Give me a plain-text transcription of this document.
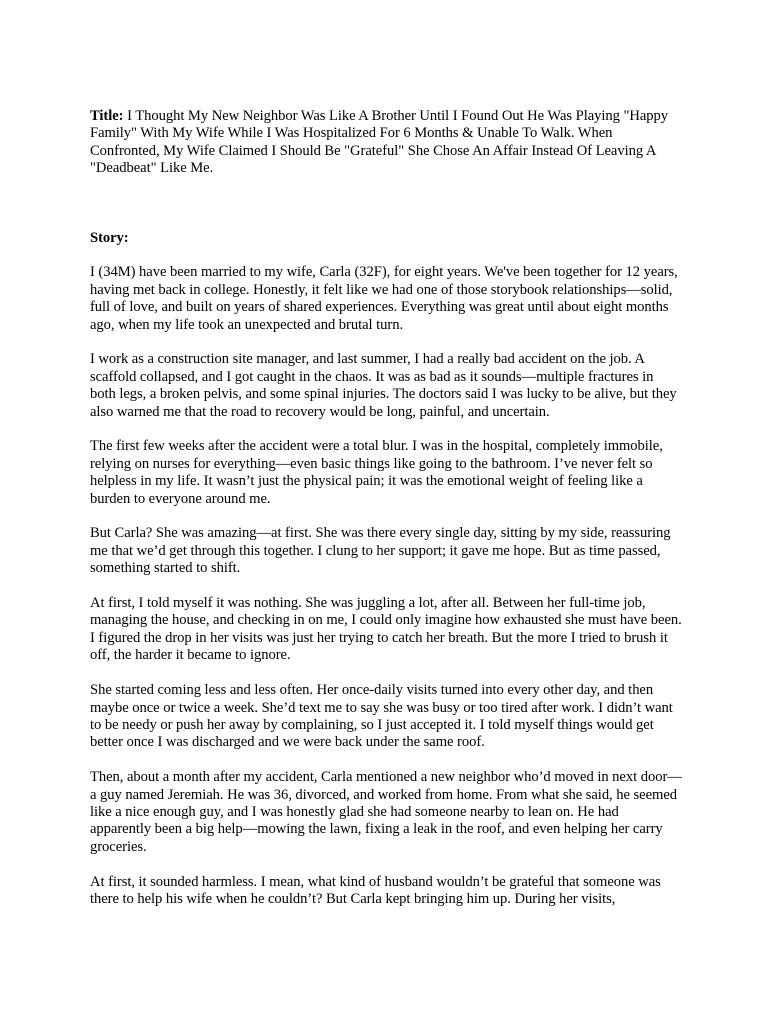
Title: I Thought My New Neighbor Was Like A Brother Until I Found Out He Was Playing "Happy Family" With My Wife While I Was Hospitalized For 6 Months & Unable To Walk. When Confronted, My Wife Claimed I Should Be "Grateful" She Chose An Affair Instead Of Leaving A "Deadbeat" Like Me.

Story:

I (34M) have been married to my wife, Carla (32F), for eight years. We've been together for 12 years, having met back in college. Honestly, it felt like we had one of those storybook relationships—solid, full of love, and built on years of shared experiences. Everything was great until about eight months ago, when my life took an unexpected and brutal turn.

I work as a construction site manager, and last summer, I had a really bad accident on the job. A scaffold collapsed, and I got caught in the chaos. It was as bad as it sounds—multiple fractures in both legs, a broken pelvis, and some spinal injuries. The doctors said I was lucky to be alive, but they also warned me that the road to recovery would be long, painful, and uncertain.

The first few weeks after the accident were a total blur. I was in the hospital, completely immobile, relying on nurses for everything—even basic things like going to the bathroom. I’ve never felt so helpless in my life. It wasn’t just the physical pain; it was the emotional weight of feeling like a burden to everyone around me.

But Carla? She was amazing—at first. She was there every single day, sitting by my side, reassuring me that we’d get through this together. I clung to her support; it gave me hope. But as time passed, something started to shift.

At first, I told myself it was nothing. She was juggling a lot, after all. Between her full-time job, managing the house, and checking in on me, I could only imagine how exhausted she must have been. I figured the drop in her visits was just her trying to catch her breath. But the more I tried to brush it off, the harder it became to ignore.

She started coming less and less often. Her once-daily visits turned into every other day, and then maybe once or twice a week. She’d text me to say she was busy or too tired after work. I didn’t want to be needy or push her away by complaining, so I just accepted it. I told myself things would get better once I was discharged and we were back under the same roof.

Then, about a month after my accident, Carla mentioned a new neighbor who’d moved in next door—a guy named Jeremiah. He was 36, divorced, and worked from home. From what she said, he seemed like a nice enough guy, and I was honestly glad she had someone nearby to lean on. He had apparently been a big help—mowing the lawn, fixing a leak in the roof, and even helping her carry groceries.

At first, it sounded harmless. I mean, what kind of husband wouldn’t be grateful that someone was there to help his wife when he couldn’t? But Carla kept bringing him up. During her visits,
